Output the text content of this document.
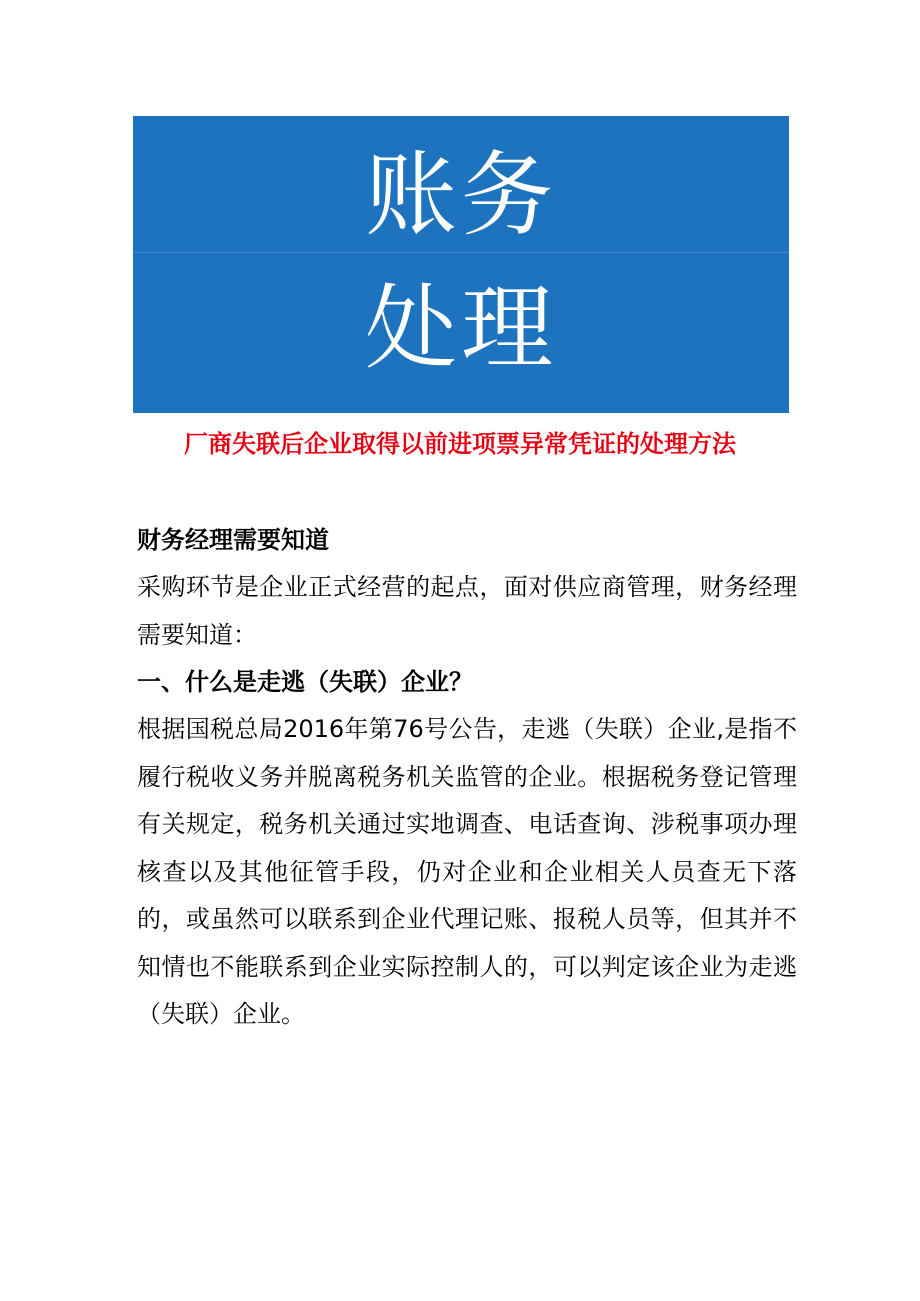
账务
处理
厂商失联后企业取得以前进项票异常凭证的处理方法

财务经理需要知道

采购环节是企业正式经营的起点，面对供应商管理，财务经理需要知道：

一、什么是走逃（失联）企业？

根据国税总局2016年第76号公告，走逃（失联）企业,是指不履行税收义务并脱离税务机关监管的企业。根据税务登记管理有关规定，税务机关通过实地调查、电话查询、涉税事项办理核查以及其他征管手段，仍对企业和企业相关人员查无下落的，或虽然可以联系到企业代理记账、报税人员等，但其并不知情也不能联系到企业实际控制人的，可以判定该企业为走逃（失联）企业。
